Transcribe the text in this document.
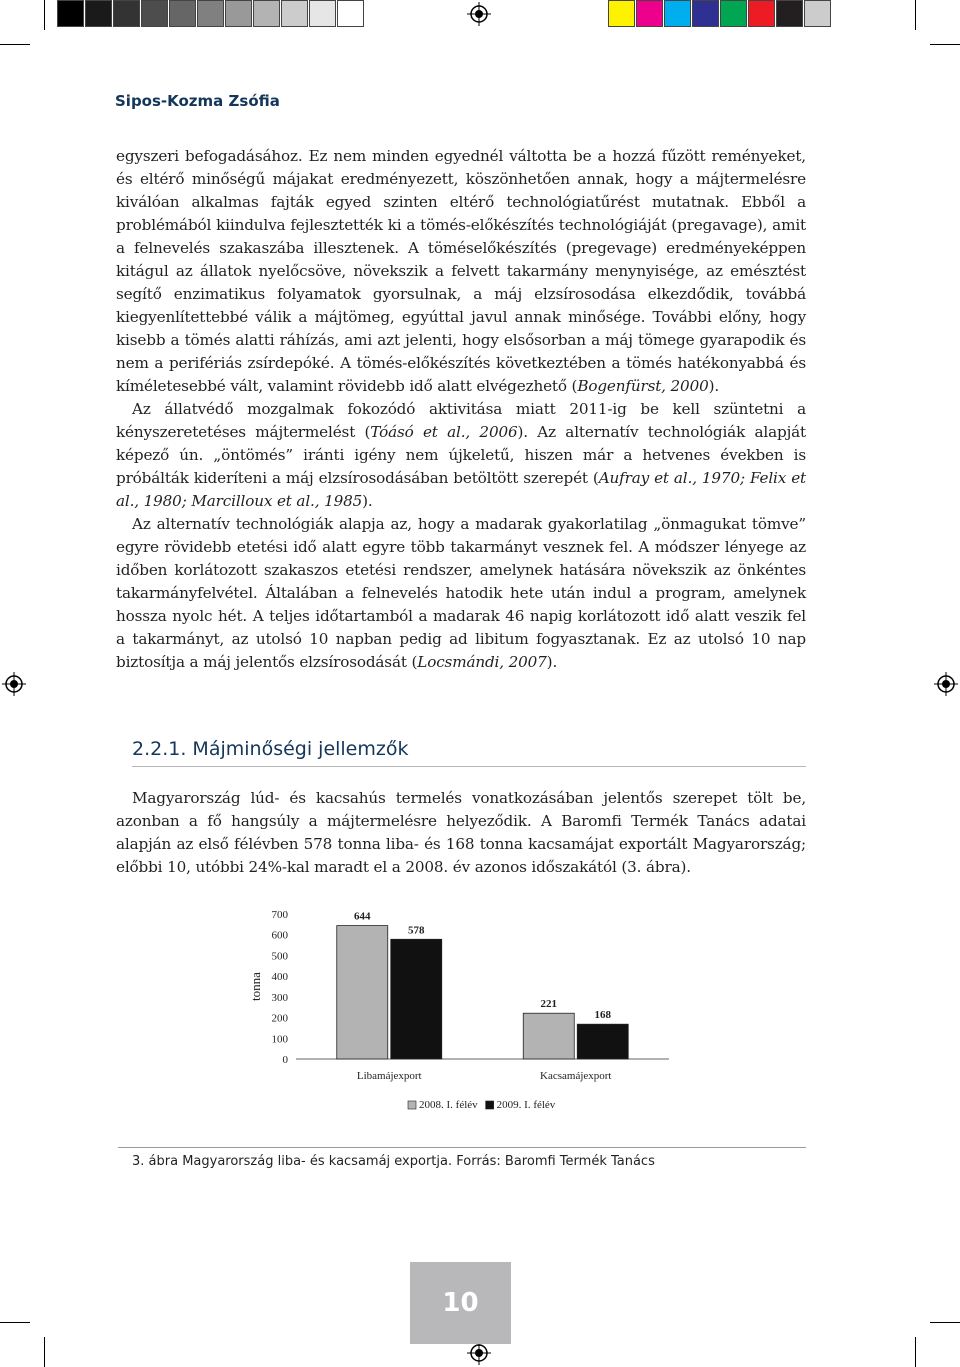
Sipos-Kozma Zsófia

egyszeri befogadásához. Ez nem minden egyednél váltotta be a hozzá fűzött reményeket, és eltérő minőségű májakat eredményezett, köszönhetően annak, hogy a májtermelésre kiválóan alkalmas fajták egyed szinten eltérő technológiatűrést mutatnak. Ebből a problémából kiindulva fejlesztették ki a tömés-előkészítés technológiáját (pregavage), amit a felnevelés szakaszába illesztenek. A töméselőkészítés (pregevage) eredményeképpen kitágul az állatok nyelőcsöve, növekszik a felvett takarmány menynyisége, az emésztést segítő enzimatikus folyamatok gyorsulnak, a máj elzsírosodása elkezdődik, továbbá kiegyenlítettebbé válik a májtömeg, egyúttal javul annak minősége. További előny, hogy kisebb a tömés alatti ráhízás, ami azt jelenti, hogy elsősorban a máj tömege gyarapodik és nem a perifériás zsírdepóké. A tömés-előkészítés következtében a tömés hatékonyabbá és kíméletesebbé vált, valamint rövidebb idő alatt elvégezhető (Bogenfürst, 2000).

Az állatvédő mozgalmak fokozódó aktivitása miatt 2011-ig be kell szüntetni a kényszeretetéses májtermelést (Tóásó et al., 2006). Az alternatív technológiák alapját képező ún. „öntömés” iránti igény nem újkeletű, hiszen már a hetvenes években is próbálták kideríteni a máj elzsírosodásában betöltött szerepét (Aufray et al., 1970; Felix et al., 1980; Marcilloux et al., 1985).

Az alternatív technológiák alapja az, hogy a madarak gyakorlatilag „önmagukat tömve” egyre rövidebb etetési idő alatt egyre több takarmányt vesznek fel. A módszer lényege az időben korlátozott szakaszos etetési rendszer, amelynek hatására növekszik az önkéntes takarmányfelvétel. Általában a felnevelés hatodik hete után indul a program, amelynek hossza nyolc hét. A teljes időtartamból a madarak 46 napig korlátozott idő alatt veszik fel a takarmányt, az utolsó 10 napban pedig ad libitum fogyasztanak. Ez az utolsó 10 nap biztosítja a máj jelentős elzsírosodását (Locsmándi, 2007).

2.2.1. Májminőségi jellemzők

Magyarország lúd- és kacsahús termelés vonatkozásában jelentős szerepet tölt be, azonban a fő hangsúly a májtermelésre helyeződik. A Baromfi Termék Tanács adatai alapján az első félévben 578 tonna liba- és 168 tonna kacsamájat exportált Magyarország; előbbi 10, utóbbi 24%-kal maradt el a 2008. év azonos időszakától (3. ábra).

tonna
0
100
200
300
400
500
600
700	644
578
Libamájexport
221
168
Kacsamájexport
2008. I. félév 2009. I. félév
3. ábra Magyarország liba- és kacsamáj exportja. Forrás: Baromfi Termék Tanács
10
